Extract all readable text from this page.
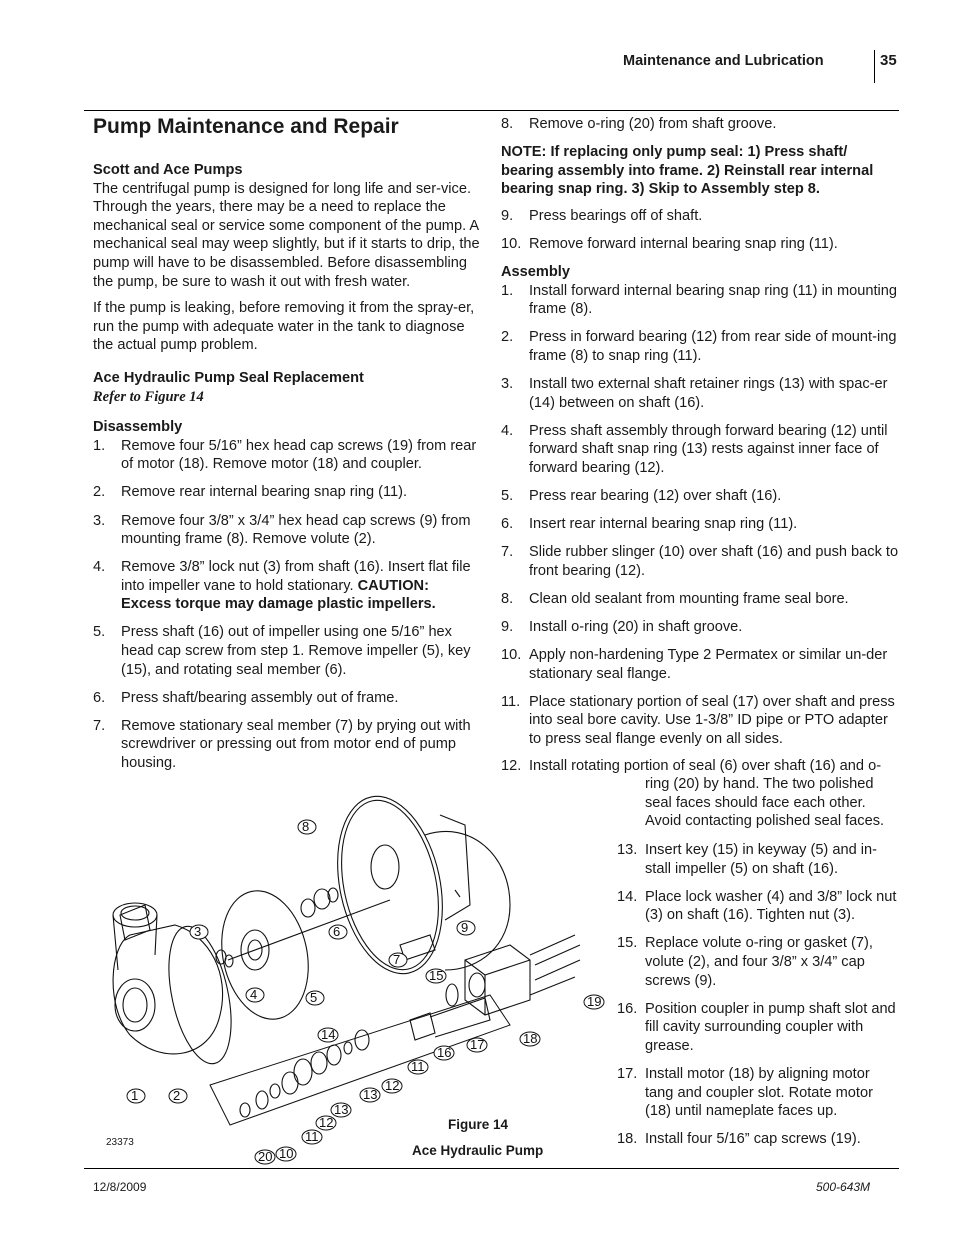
Maintenance and Lubrication	35
Pump Maintenance and Repair

Scott and Ace Pumps

The centrifugal pump is designed for long life and ser-vice. Through the years, there may be a need to replace the mechanical seal or service some component of the pump. A mechanical seal may weep slightly, but if it starts to drip, the pump will have to be disassembled. Before disassembling the pump, be sure to wash it out with fresh water.

If the pump is leaking, before removing it from the spray-er, run the pump with adequate water in the tank to diagnose the actual pump problem.

Ace Hydraulic Pump Seal Replacement

Refer to Figure 14

Disassembly

1. Remove four 5/16” hex head cap screws (19) from rear of motor (18). Remove motor (18) and coupler.
2. Remove rear internal bearing snap ring (11).
3. Remove four 3/8” x 3/4” hex head cap screws (9) from mounting frame (8). Remove volute (2).
4. Remove 3/8” lock nut (3) from shaft (16). Insert flat file into impeller vane to hold stationary. CAUTION: Excess torque may damage plastic impellers.
5. Press shaft (16) out of impeller using one 5/16” hex head cap screw from step 1. Remove impeller (5), key (15), and rotating seal member (6).
6. Press shaft/bearing assembly out of frame.
7. Remove stationary seal member (7) by prying out with screwdriver or pressing out from motor end of pump housing.
8. Remove o-ring (20) from shaft groove.

NOTE: If replacing only pump seal: 1) Press shaft/ bearing assembly into frame. 2) Reinstall rear internal bearing snap ring. 3) Skip to Assembly step 8.

9. Press bearings off of shaft.
10. Remove forward internal bearing snap ring (11).

Assembly

1. Install forward internal bearing snap ring (11) in mounting frame (8).
2. Press in forward bearing (12) from rear side of mount-ing frame (8) to snap ring (11).
3. Install two external shaft retainer rings (13) with spac-er (14) between on shaft (16).
4. Press shaft assembly through forward bearing (12) until forward shaft snap ring (13) rests against inner face of forward bearing (12).
5. Press rear bearing (12) over shaft (16).
6. Insert rear internal bearing snap ring (11).
7. Slide rubber slinger (10) over shaft (16) and push back to front bearing (12).
8. Clean old sealant from mounting frame seal bore.
9. Install o-ring (20) in shaft groove.
10. Apply non-hardening Type 2 Permatex or similar un-der stationary seal flange.
11. Place stationary portion of seal (17) over shaft and press into seal bore cavity. Use 1-3/8” ID pipe or PTO adapter to press seal flange evenly on all sides.
12. Install rotating portion of seal (6) over shaft (16) and o-
ring (20) by hand. The two polished seal faces should face each other. Avoid contacting polished seal faces.
13. Insert key (15) in keyway (5) and in-stall impeller (5) on shaft (16).
14. Place lock washer (4) and 3/8” lock nut (3) on shaft (16). Tighten nut (3).
15. Replace volute o-ring or gasket (7), volute (2), and four 3/8” x 3/4” cap screws (9).
16. Position coupler in pump shaft slot and fill cavity surrounding coupler with grease.
17. Install motor (18) by aligning motor tang and coupler slot. Rotate motor (18) until nameplate faces up.
18. Install four 5/16” cap screws (19).
8
3	6	9
7
4	5
15
19
14
16
17	18
11
12
13
1	2
13
12
11
20 10
Figure 14
Ace Hydraulic Pump
23373
12/8/2009	500-643M
